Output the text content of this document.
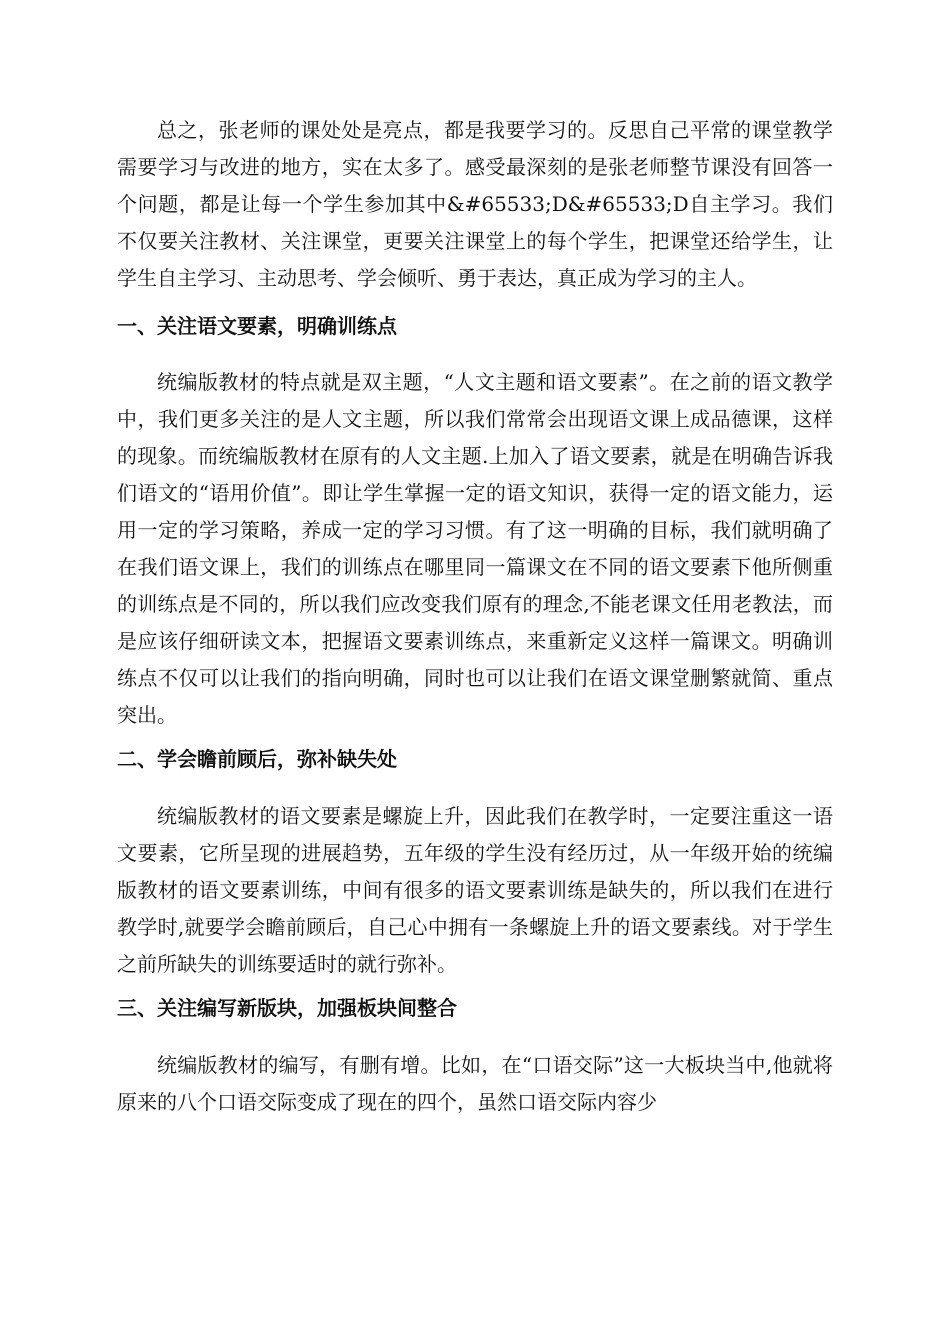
总之，张老师的课处处是亮点，都是我要学习的。反思自己平常的课堂教学需要学习与改进的地方，实在太多了。感受最深刻的是张老师整节课没有回答一个问题，都是让每一个学生参加其中&#65533;D&#65533;D自主学习。我们不仅要关注教材、关注课堂，更要关注课堂上的每个学生，把课堂还给学生，让学生自主学习、主动思考、学会倾听、勇于表达，真正成为学习的主人。

一、关注语文要素，明确训练点

统编版教材的特点就是双主题，“人文主题和语文要素”。在之前的语文教学中，我们更多关注的是人文主题，所以我们常常会出现语文课上成品德课，这样的现象。而统编版教材在原有的人文主题.上加入了语文要素，就是在明确告诉我们语文的“语用价值”。即让学生掌握一定的语文知识，获得一定的语文能力，运用一定的学习策略，养成一定的学习习惯。有了这一明确的目标，我们就明确了在我们语文课上，我们的训练点在哪里同一篇课文在不同的语文要素下他所侧重的训练点是不同的，所以我们应改变我们原有的理念,不能老课文任用老教法，而是应该仔细研读文本，把握语文要素训练点，来重新定义这样一篇课文。明确训练点不仅可以让我们的指向明确，同时也可以让我们在语文课堂删繁就简、重点突出。

二、学会瞻前顾后，弥补缺失处

统编版教材的语文要素是螺旋上升，因此我们在教学时，一定要注重这一语文要素，它所呈现的进展趋势，五年级的学生没有经历过，从一年级开始的统编版教材的语文要素训练，中间有很多的语文要素训练是缺失的，所以我们在进行教学时,就要学会瞻前顾后，自己心中拥有一条螺旋上升的语文要素线。对于学生之前所缺失的训练要适时的就行弥补。

三、关注编写新版块，加强板块间整合

统编版教材的编写，有删有增。比如，在“口语交际”这一大板块当中,他就将原来的八个口语交际变成了现在的四个，虽然口语交际内容少
